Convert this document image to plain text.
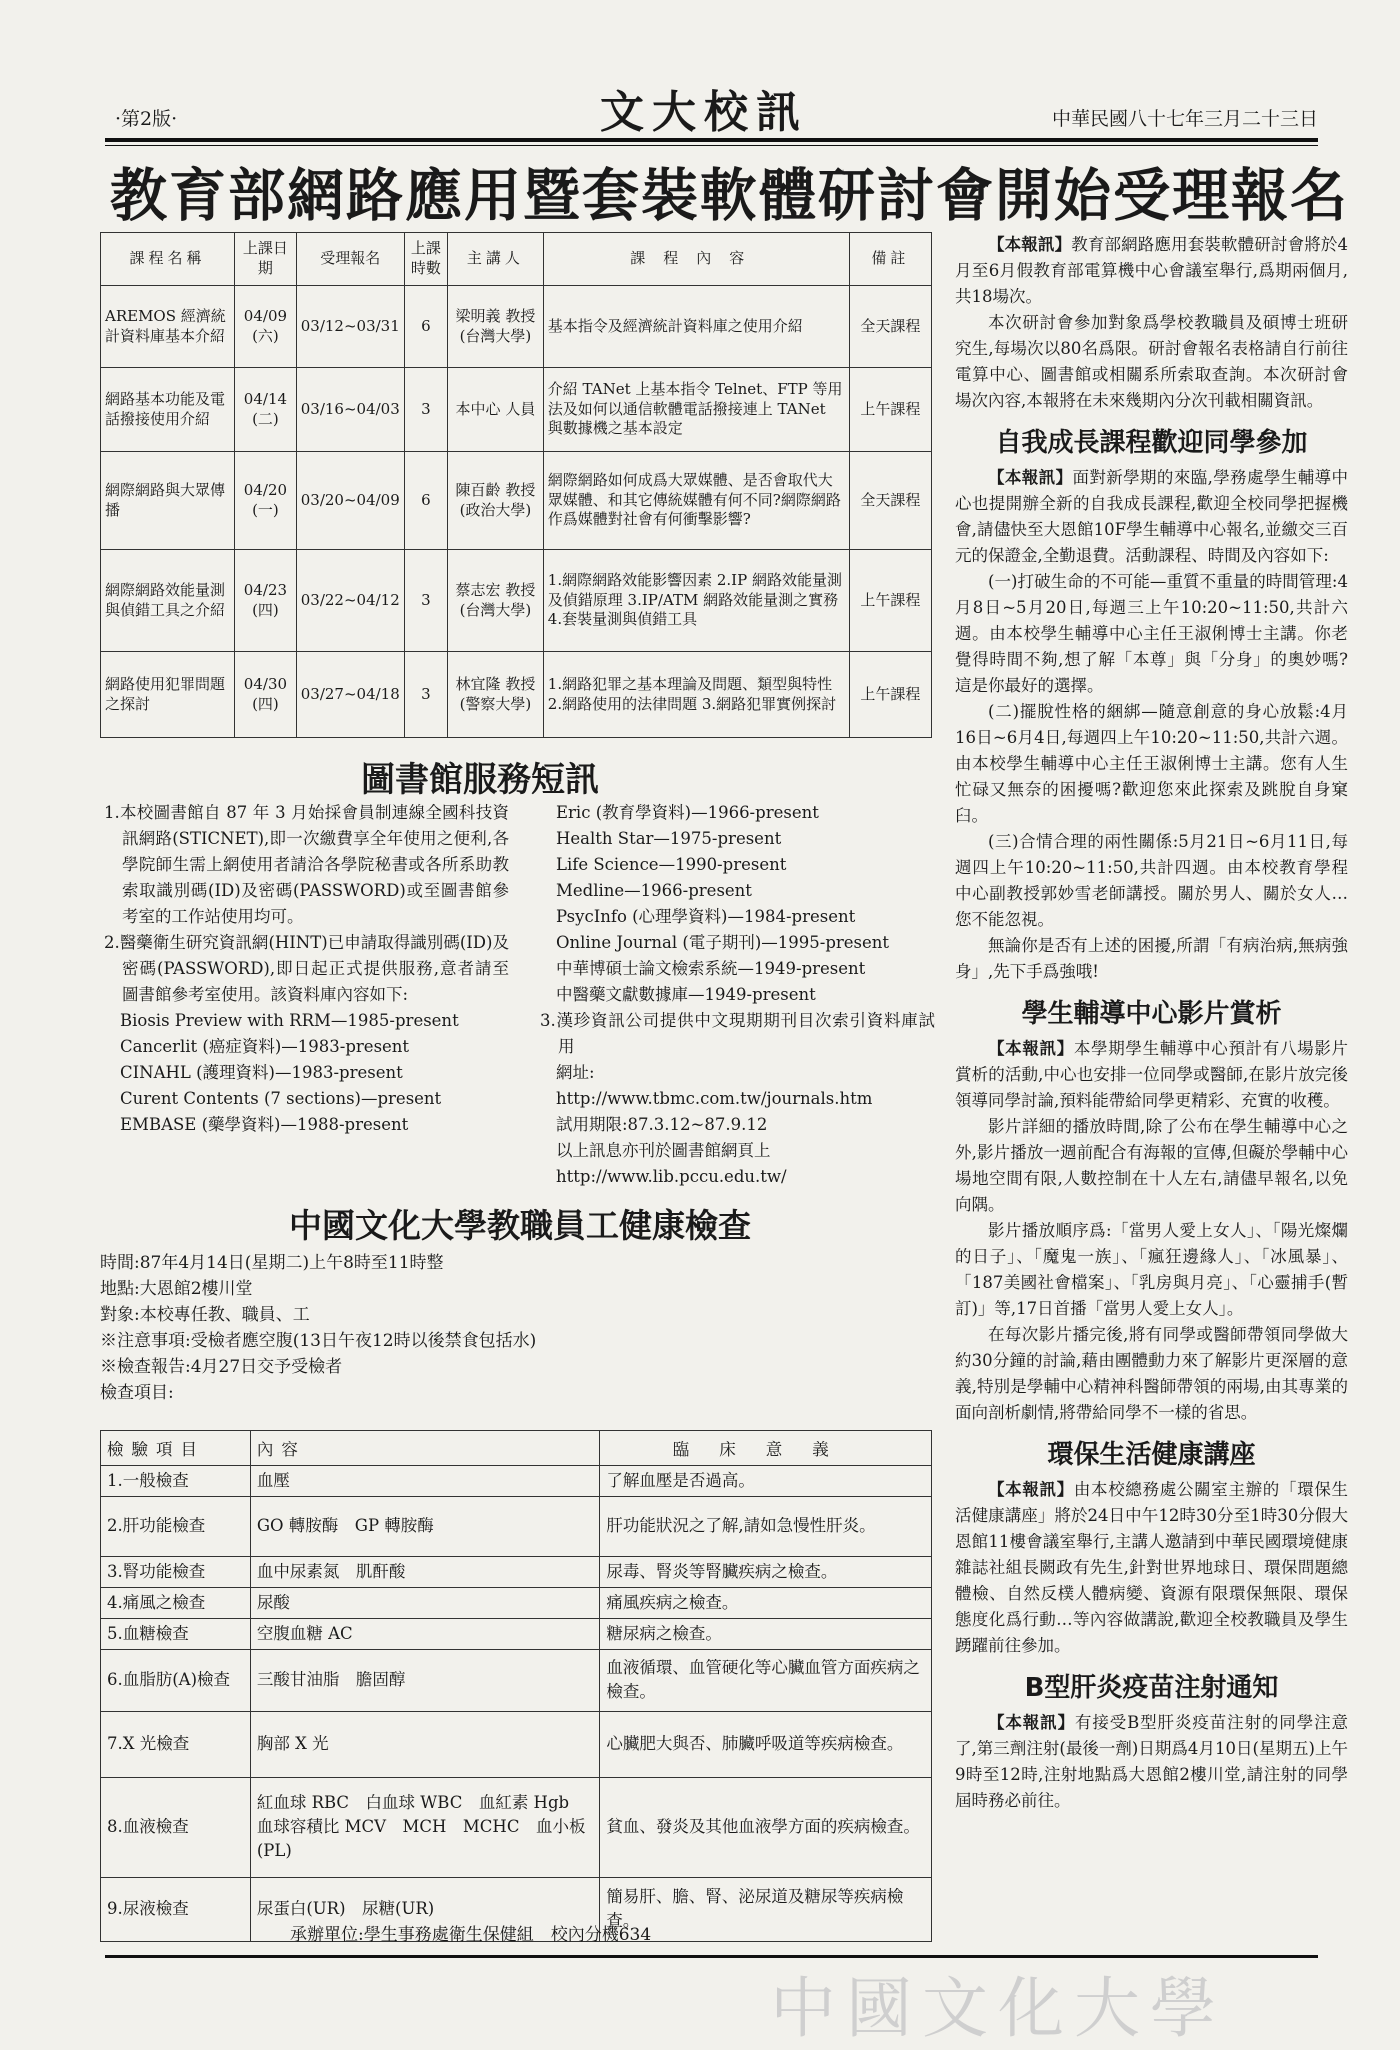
·第2版·	文大校訊	中華民國八十七年三月二十三日
教育部網路應用暨套裝軟體研討會開始受理報名
課程名稱	上課日期	受理報名	上課時數	主講人	課程內容	備註
AREMOS 經濟統計資料庫基本介紹	04/09 (六)	03/12~03/31	6	梁明義 教授 (台灣大學)	基本指令及經濟統計資料庫之使用介紹	全天課程
網路基本功能及電話撥接使用介紹	04/14 (二)	03/16~04/03	3	本中心 人員	介紹 TANet 上基本指令 Telnet、FTP 等用法及如何以通信軟體電話撥接連上 TANet 與數據機之基本設定	上午課程
網際網路與大眾傳播	04/20 (一)	03/20~04/09	6	陳百齡 教授 (政治大學)	網際網路如何成爲大眾媒體、是否會取代大眾媒體、和其它傳統媒體有何不同?網際網路作爲媒體對社會有何衝擊影響?	全天課程
網際網路效能量測與偵錯工具之介紹	04/23 (四)	03/22~04/12	3	蔡志宏 教授 (台灣大學)	1.網際網路效能影響因素 2.IP 網路效能量測及偵錯原理 3.IP/ATM 網路效能量測之實務 4.套裝量測與偵錯工具	上午課程
網路使用犯罪問題之探討	04/30 (四)	03/27~04/18	3	林宜隆 教授 (警察大學)	1.網路犯罪之基本理論及問題、類型與特性 2.網路使用的法律問題 3.網路犯罪實例探討	上午課程
圖書館服務短訊

1.本校圖書館自 87 年 3 月始採會員制連線全國科技資訊網路(STICNET),即一次繳費享全年使用之便利,各學院師生需上網使用者請洽各學院秘書或各所系助教索取識別碼(ID)及密碼(PASSWORD)或至圖書館參考室的工作站使用均可。

2.醫藥衛生研究資訊網(HINT)已申請取得識別碼(ID)及密碼(PASSWORD),即日起正式提供服務,意者請至圖書館參考室使用。該資料庫內容如下:

Biosis Preview with RRM—1985-present

Cancerlit (癌症資料)—1983-present

CINAHL (護理資料)—1983-present

Curent Contents (7 sections)—present

EMBASE (藥學資料)—1988-present

Eric (教育學資料)—1966-present

Health Star—1975-present

Life Science—1990-present

Medline—1966-present

PsycInfo (心理學資料)—1984-present

Online Journal (電子期刊)—1995-present

中華博碩士論文檢索系統—1949-present

中醫藥文獻數據庫—1949-present

3.漢珍資訊公司提供中文現期期刊目次索引資料庫試用

網址:

http://www.tbmc.com.tw/journals.htm

試用期限:87.3.12~87.9.12

以上訊息亦刊於圖書館網頁上

http://www.lib.pccu.edu.tw/

中國文化大學教職員工健康檢查
時間:87年4月14日(星期二)上午8時至11時整
地點:大恩館2樓川堂
對象:本校專任教、職員、工
※注意事項:受檢者應空腹(13日午夜12時以後禁食包括水)
※檢查報告:4月27日交予受檢者
檢查項目:
檢驗項目	內容	臨床意義
1.一般檢查	血壓	了解血壓是否過高。
2.肝功能檢查	GO 轉胺酶　GP 轉胺酶	肝功能狀況之了解,請如急慢性肝炎。
3.腎功能檢查	血中尿素氮　肌酐酸	尿毒、腎炎等腎臟疾病之檢查。
4.痛風之檢查	尿酸	痛風疾病之檢查。
5.血糖檢查	空腹血糖 AC	糖尿病之檢查。
6.血脂肪(A)檢查	三酸甘油脂　膽固醇	血液循環、血管硬化等心臟血管方面疾病之檢查。
7.X 光檢查	胸部 X 光	心臟肥大與否、肺臟呼吸道等疾病檢查。
8.血液檢查	紅血球 RBC　白血球 WBC　血紅素 Hgb　血球容積比 MCV　MCH　MCHC　血小板(PL)	貧血、發炎及其他血液學方面的疾病檢查。
9.尿液檢查	尿蛋白(UR)　尿糖(UR)	簡易肝、膽、腎、泌尿道及糖尿等疾病檢查。
承辦單位:學生事務處衛生保健組　校內分機634

【本報訊】教育部網路應用套裝軟體研討會將於4月至6月假教育部電算機中心會議室舉行,爲期兩個月,共18場次。

本次研討會參加對象爲學校教職員及碩博士班研究生,每場次以80名爲限。研討會報名表格請自行前往電算中心、圖書館或相關系所索取查詢。本次研討會場次內容,本報將在未來幾期內分次刊載相關資訊。

自我成長課程歡迎同學參加

【本報訊】面對新學期的來臨,學務處學生輔導中心也提開辦全新的自我成長課程,歡迎全校同學把握機會,請儘快至大恩館10F學生輔導中心報名,並繳交三百元的保證金,全勤退費。活動課程、時間及內容如下:

(一)打破生命的不可能—重質不重量的時間管理:4月8日~5月20日,每週三上午10:20~11:50,共計六週。由本校學生輔導中心主任王淑俐博士主講。你老覺得時間不夠,想了解「本尊」與「分身」的奧妙嗎?這是你最好的選擇。

(二)擺脫性格的綑綁—隨意創意的身心放鬆:4月16日~6月4日,每週四上午10:20~11:50,共計六週。由本校學生輔導中心主任王淑俐博士主講。您有人生忙碌又無奈的困擾嗎?歡迎您來此探索及跳脫自身窠臼。

(三)合情合理的兩性關係:5月21日~6月11日,每週四上午10:20~11:50,共計四週。由本校教育學程中心副教授郭妙雪老師講授。關於男人、關於女人…您不能忽視。

無論你是否有上述的困擾,所謂「有病治病,無病強身」,先下手爲強哦!

學生輔導中心影片賞析

【本報訊】本學期學生輔導中心預計有八場影片賞析的活動,中心也安排一位同學或醫師,在影片放完後領導同學討論,預料能帶給同學更精彩、充實的收穫。

影片詳細的播放時間,除了公布在學生輔導中心之外,影片播放一週前配合有海報的宣傳,但礙於學輔中心場地空間有限,人數控制在十人左右,請儘早報名,以免向隅。

影片播放順序爲:「當男人愛上女人」、「陽光燦爛的日子」、「魔鬼一族」、「瘋狂邊緣人」、「冰風暴」、「187美國社會檔案」、「乳房與月亮」、「心靈捕手(暫訂)」等,17日首播「當男人愛上女人」。

在每次影片播完後,將有同學或醫師帶領同學做大約30分鐘的討論,藉由團體動力來了解影片更深層的意義,特別是學輔中心精神科醫師帶領的兩場,由其專業的面向剖析劇情,將帶給同學不一樣的省思。

環保生活健康講座

【本報訊】由本校總務處公關室主辦的「環保生活健康講座」將於24日中午12時30分至1時30分假大恩館11樓會議室舉行,主講人邀請到中華民國環境健康雜誌社組長闕政有先生,針對世界地球日、環保問題總體檢、自然反樸人體病變、資源有限環保無限、環保態度化爲行動…等內容做講說,歡迎全校教職員及學生踴躍前往參加。

B型肝炎疫苗注射通知

【本報訊】有接受B型肝炎疫苗注射的同學注意了,第三劑注射(最後一劑)日期爲4月10日(星期五)上午9時至12時,注射地點爲大恩館2樓川堂,請注射的同學屆時務必前往。

中國文化大學
